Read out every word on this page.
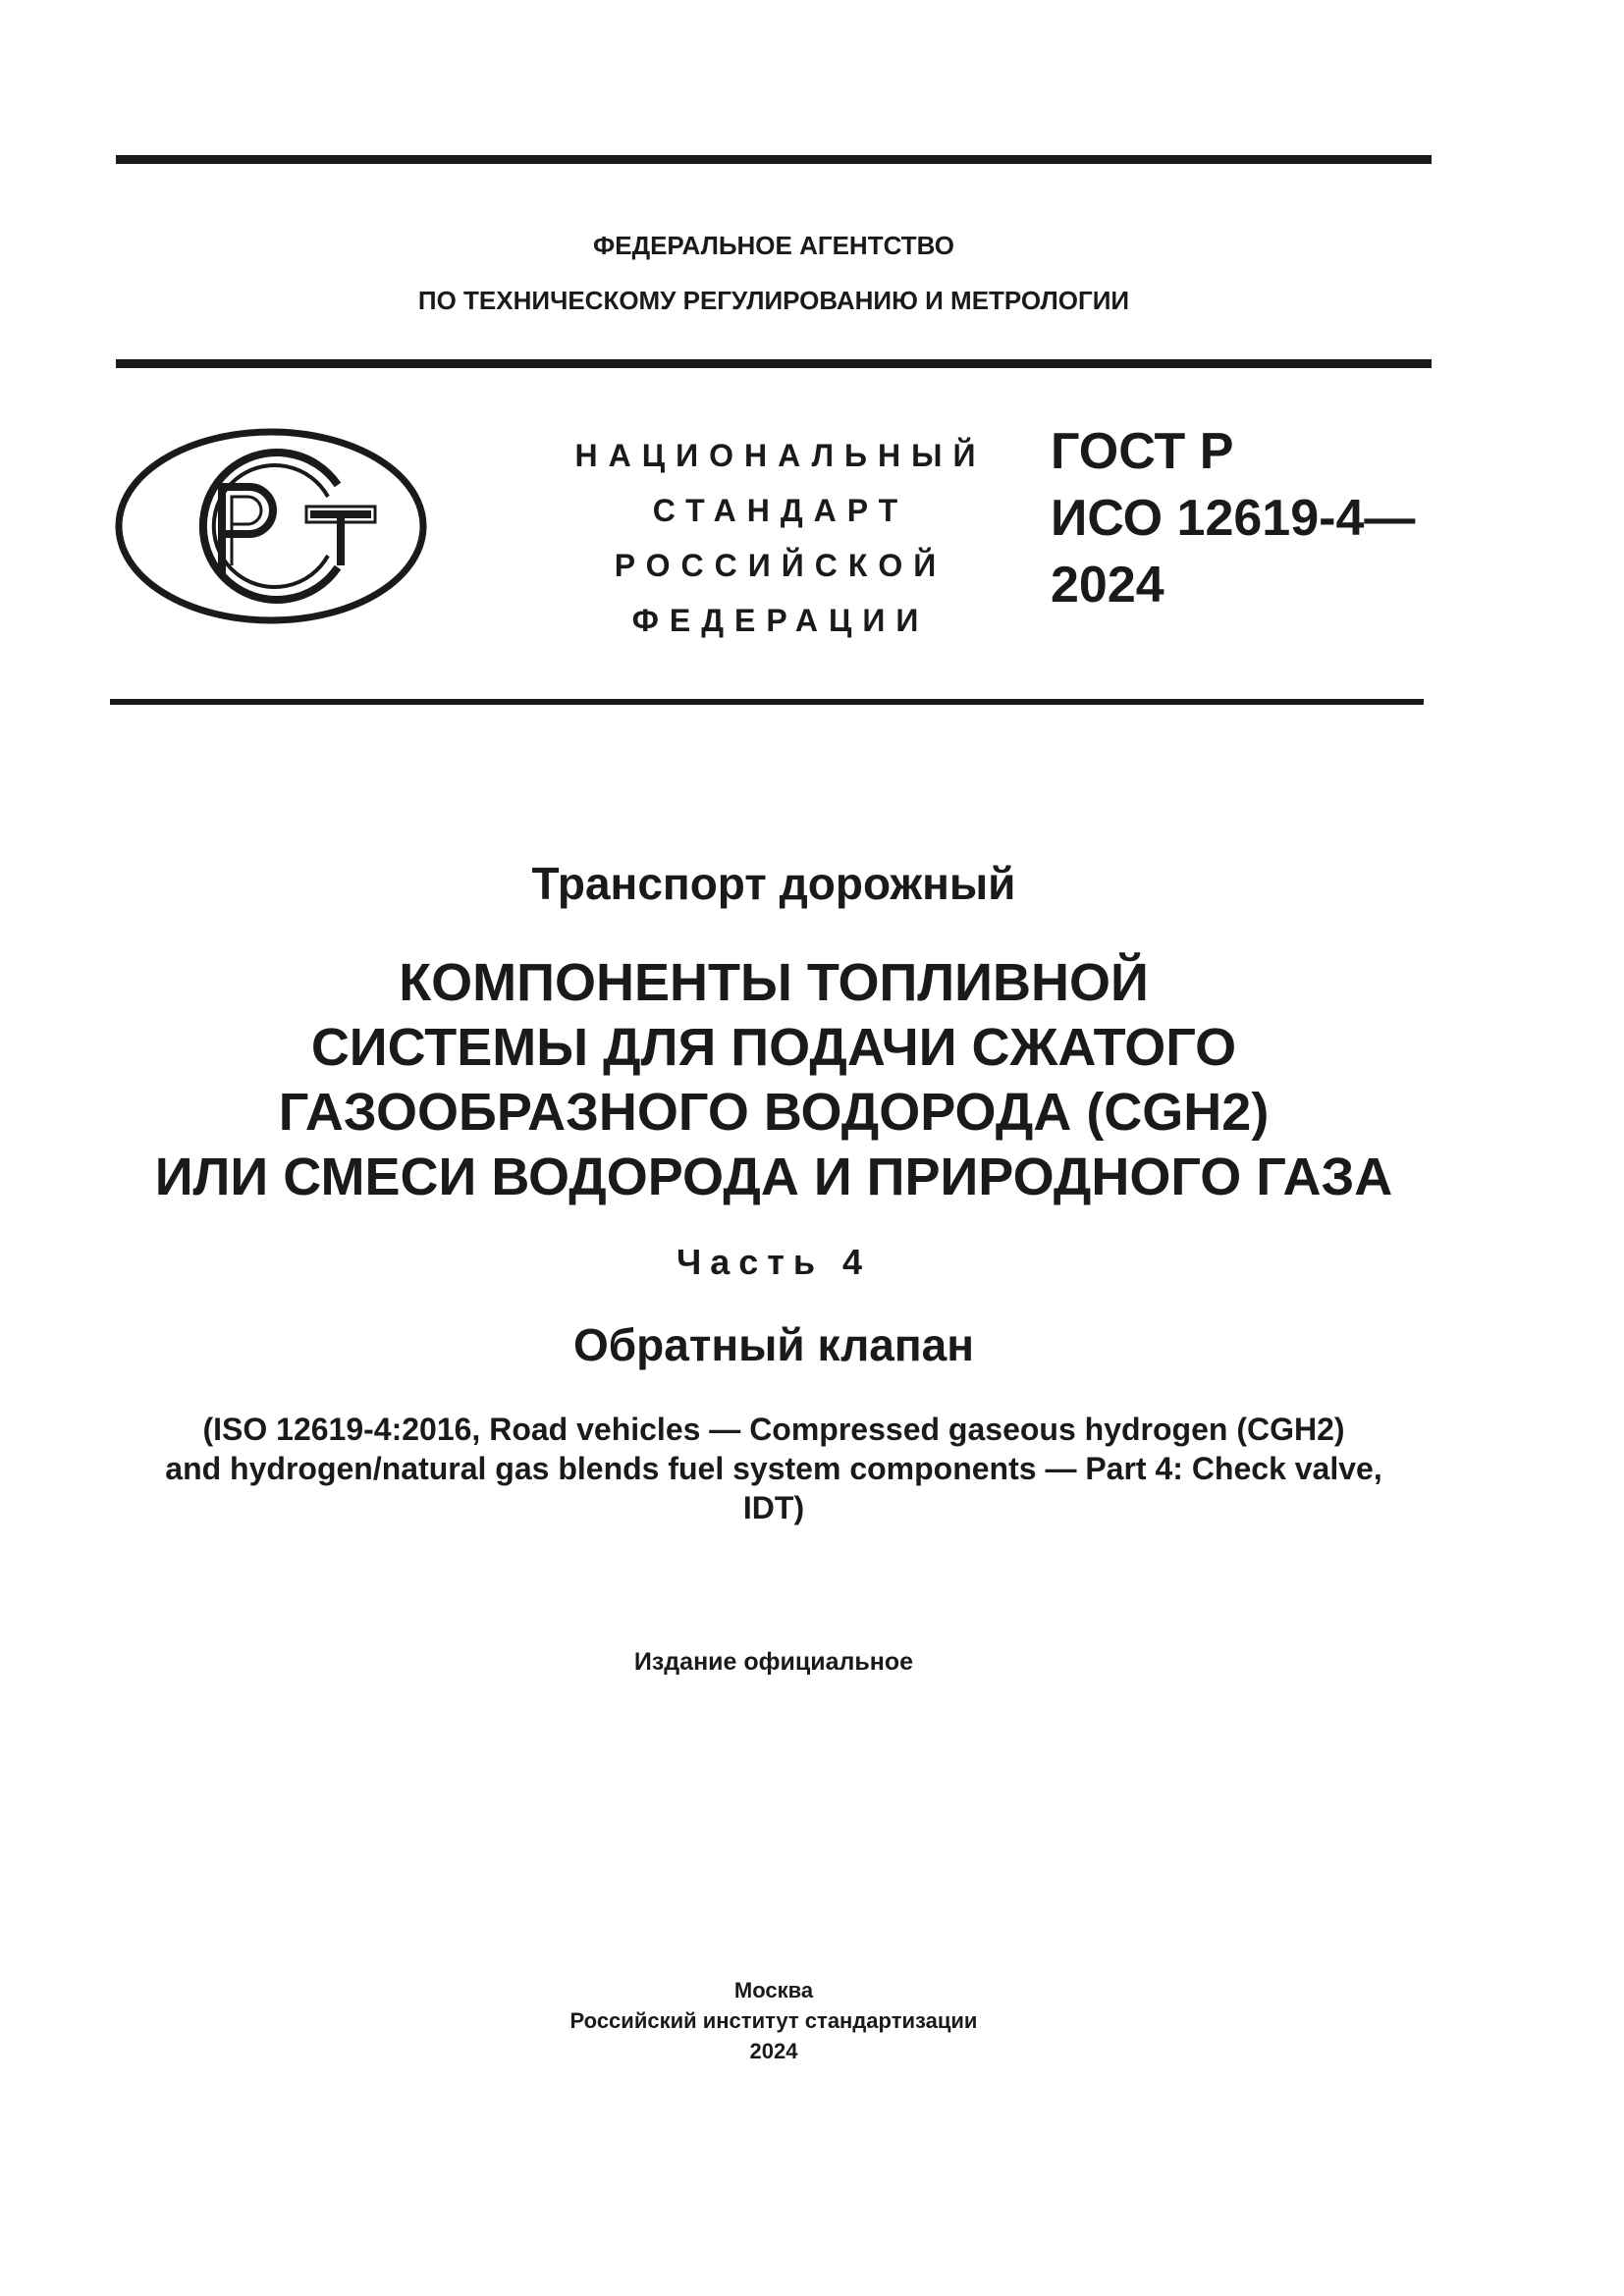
ФЕДЕРАЛЬНОЕ АГЕНТСТВО
ПО ТЕХНИЧЕСКОМУ РЕГУЛИРОВАНИЮ И МЕТРОЛОГИИ
НАЦИОНАЛЬНЫЙ
СТАНДАРТ
РОССИЙСКОЙ
ФЕДЕРАЦИИ
ГОСТ Р
ИСО 12619-4—
2024
Транспорт дорожный
КОМПОНЕНТЫ ТОПЛИВНОЙ
СИСТЕМЫ ДЛЯ ПОДАЧИ СЖАТОГО
ГАЗООБРАЗНОГО ВОДОРОДА (CGH2)
ИЛИ СМЕСИ ВОДОРОДА И ПРИРОДНОГО ГАЗА
Часть 4
Обратный клапан
(ISO 12619-4:2016, Road vehicles — Compressed gaseous hydrogen (CGH2)
and hydrogen/natural gas blends fuel system components — Part 4: Check valve,
IDT)
Издание официальное
Москва
Российский институт стандартизации
2024
